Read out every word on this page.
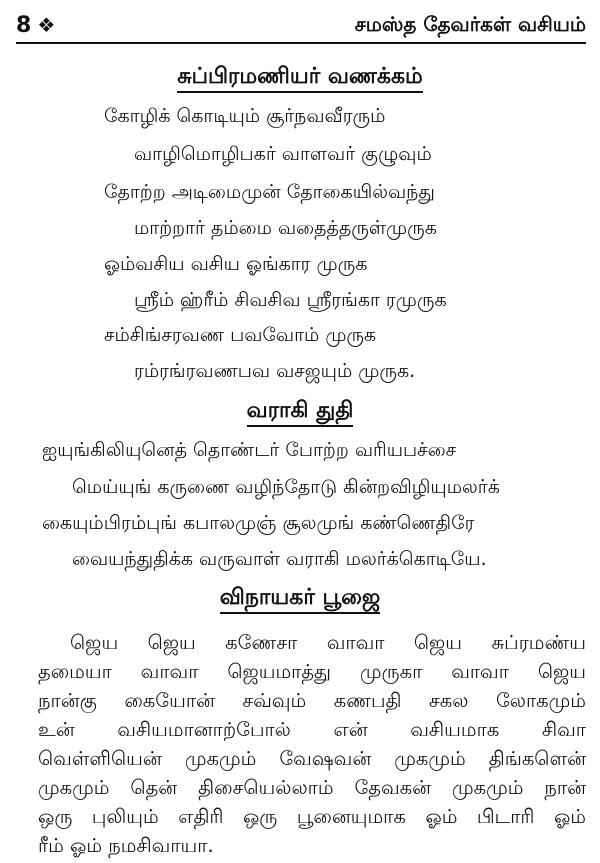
8 ❖	சமஸ்த தேவர்கள் வசியம்
சுப்பிரமணியர் வணக்கம்
கோழிக் கொடியும் சூர்நவவீரரும்
வாழிமொழிபகர் வாளவர் குழுவும்
தோற்ற அடிமைமுன் தோகையில்வந்து
மாற்றார் தம்மை வதைத்தருள்முருக
ஓம்வசிய வசிய ஓங்கார முருக
ஸ்ரீம் ஹ்ரீம் சிவசிவ ஸ்ரீரங்கா ரமுருக
சம்சிங்சரவண பவவோம் முருக
ரம்ரங்ரவணபவ வசஜயும் முருக.
வராகி துதி
ஐயுங்கிலியுனெத் தொண்டர் போற்ற வரியபச்சை
மெய்யுங் கருணை வழிந்தோடு கின்றவிழியுமலர்க்
கையும்பிரம்புங் கபாலமுஞ் சூலமுங் கண்ணெதிரே
வையந்துதிக்க வருவாள் வராகி மலர்க்கொடியே.
விநாயகர் பூஜை
ஜெய ஜெய கணேசா வாவா ஜெய சுப்ரமண்ய
தமையா வாவா ஜெயமாத்து முருகா வாவா ஜெய
நான்கு கையோன் சவ்வும் கணபதி சகல லோகமும்
உன் வசியமானாற்போல் என் வசியமாக சிவா
வெள்ளியென் முகமும் வேஷவன் முகமும் திங்களென்
முகமும் தென் திசையெல்லாம் தேவகன் முகமும் நான்
ஒரு புலியும் எதிரி ஒரு பூனையுமாக ஓம் பிடாரி ஓம்
ரீம் ஓம் நமசிவாயா.
